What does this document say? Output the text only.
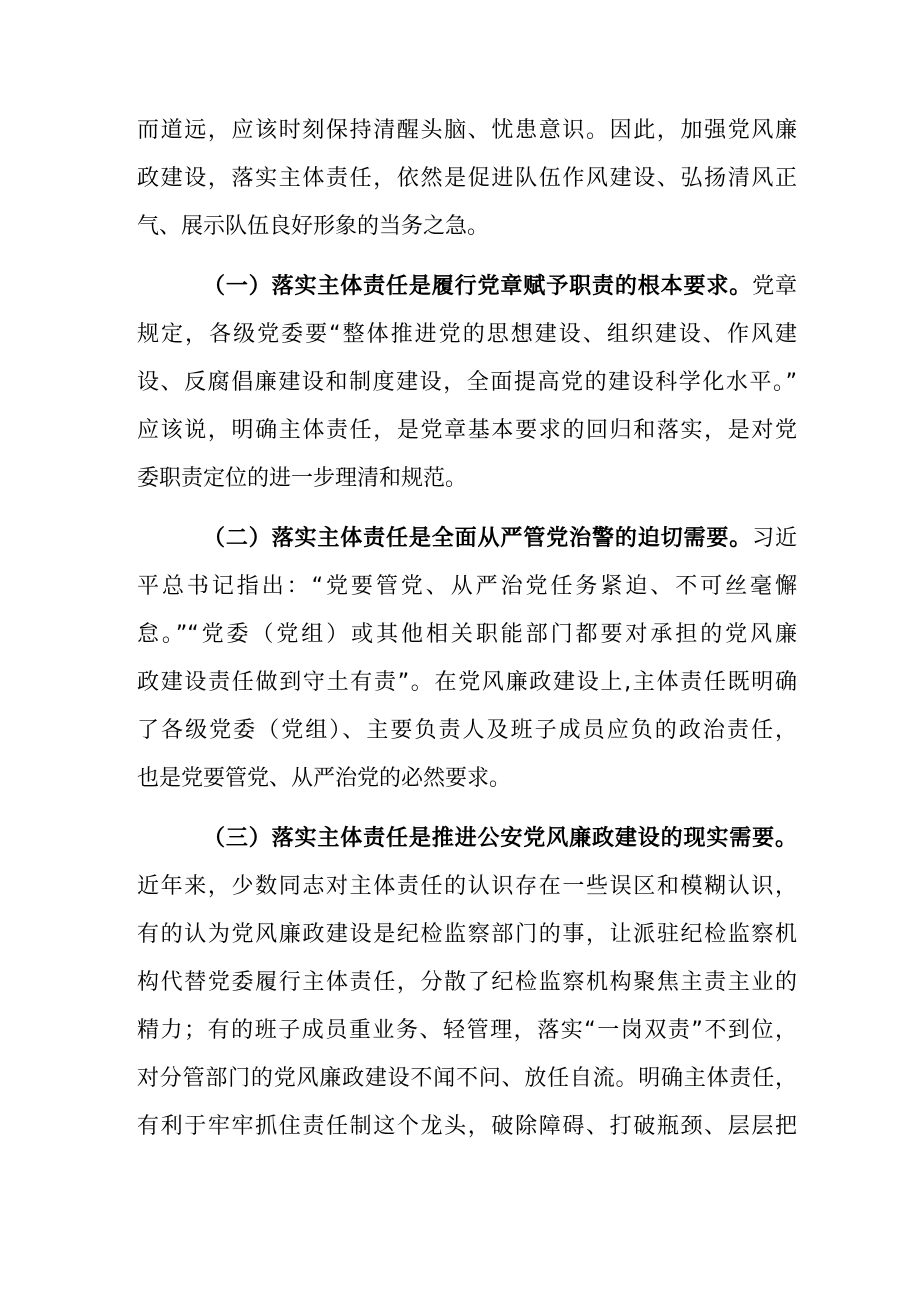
而道远，应该时刻保持清醒头脑、忧患意识。因此，加强党风廉
政建设，落实主体责任，依然是促进队伍作风建设、弘扬清风正
气、展示队伍良好形象的当务之急。
（一）落实主体责任是履行党章赋予职责的根本要求。党章
规定，各级党委要“整体推进党的思想建设、组织建设、作风建
设、反腐倡廉建设和制度建设，全面提高党的建设科学化水平。”
应该说，明确主体责任，是党章基本要求的回归和落实，是对党
委职责定位的进一步理清和规范。
（二）落实主体责任是全面从严管党治警的迫切需要。习近
平总书记指出：“党要管党、从严治党任务紧迫、不可丝毫懈
怠。”“党委（党组）或其他相关职能部门都要对承担的党风廉
政建设责任做到守土有责”。在党风廉政建设上,主体责任既明确
了各级党委（党组）、主要负责人及班子成员应负的政治责任，
也是党要管党、从严治党的必然要求。
（三）落实主体责任是推进公安党风廉政建设的现实需要。
近年来，少数同志对主体责任的认识存在一些误区和模糊认识，
有的认为党风廉政建设是纪检监察部门的事，让派驻纪检监察机
构代替党委履行主体责任，分散了纪检监察机构聚焦主责主业的
精力；有的班子成员重业务、轻管理，落实“一岗双责”不到位，
对分管部门的党风廉政建设不闻不问、放任自流。明确主体责任，
有利于牢牢抓住责任制这个龙头，破除障碍、打破瓶颈、层层把
